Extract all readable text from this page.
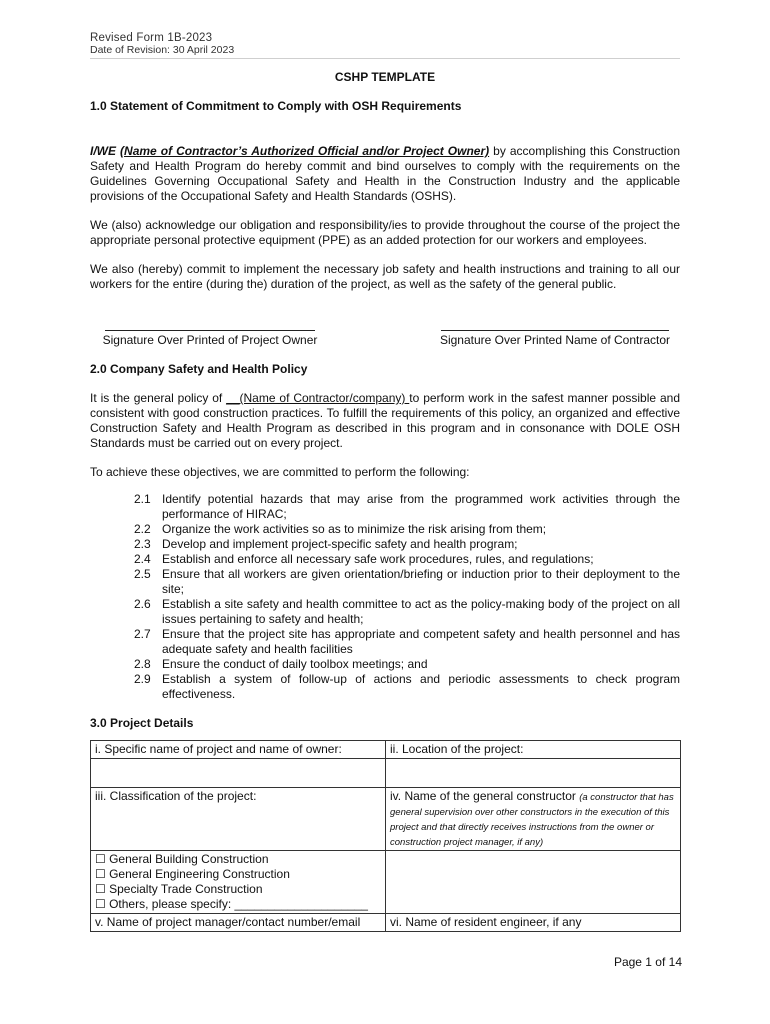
Revised Form 1B-2023
Date of Revision: 30 April 2023
CSHP TEMPLATE
1.0 Statement of Commitment to Comply with OSH Requirements

I/WE (Name of Contractor’s Authorized Official and/or Project Owner) by accomplishing this Construction Safety and Health Program do hereby commit and bind ourselves to comply with the requirements on the Guidelines Governing Occupational Safety and Health in the Construction Industry and the applicable provisions of the Occupational Safety and Health Standards (OSHS).

We (also) acknowledge our obligation and responsibility/ies to provide throughout the course of the project the appropriate personal protective equipment (PPE) as an added protection for our workers and employees.

We also (hereby) commit to implement the necessary job safety and health instructions and training to all our workers for the entire (during the) duration of the project, as well as the safety of the general public.

Signature Over Printed of Project Owner	Signature Over Printed Name of Contractor
2.0 Company Safety and Health Policy

It is the general policy of __(Name of Contractor/company) to perform work in the safest manner possible and consistent with good construction practices. To fulfill the requirements of this policy, an organized and effective Construction Safety and Health Program as described in this program and in consonance with DOLE OSH Standards must be carried out on every project.

To achieve these objectives, we are committed to perform the following:

2.1 Identify potential hazards that may arise from the programmed work activities through the performance of HIRAC;
2.2 Organize the work activities so as to minimize the risk arising from them;
2.3 Develop and implement project-specific safety and health program;
2.4 Establish and enforce all necessary safe work procedures, rules, and regulations;
2.5 Ensure that all workers are given orientation/briefing or induction prior to their deployment to the site;
2.6 Establish a site safety and health committee to act as the policy-making body of the project on all issues pertaining to safety and health;
2.7 Ensure that the project site has appropriate and competent safety and health personnel and has adequate safety and health facilities
2.8 Ensure the conduct of daily toolbox meetings; and
2.9 Establish a system of follow-up of actions and periodic assessments to check program effectiveness.
3.0 Project Details
i. Specific name of project and name of owner:	ii. Location of the project:

iii. Classification of the project:	iv. Name of the general constructor (a constructor that has general supervision over other constructors in the execution of this project and that directly receives instructions from the owner or construction project manager, if any)

☐ General Building Construction
☐ General Engineering Construction
☐ Specialty Trade Construction
☐ Others, please specify: ____________________	

v. Name of project manager/contact number/email	vi. Name of resident engineer, if any
Page 1 of 14
